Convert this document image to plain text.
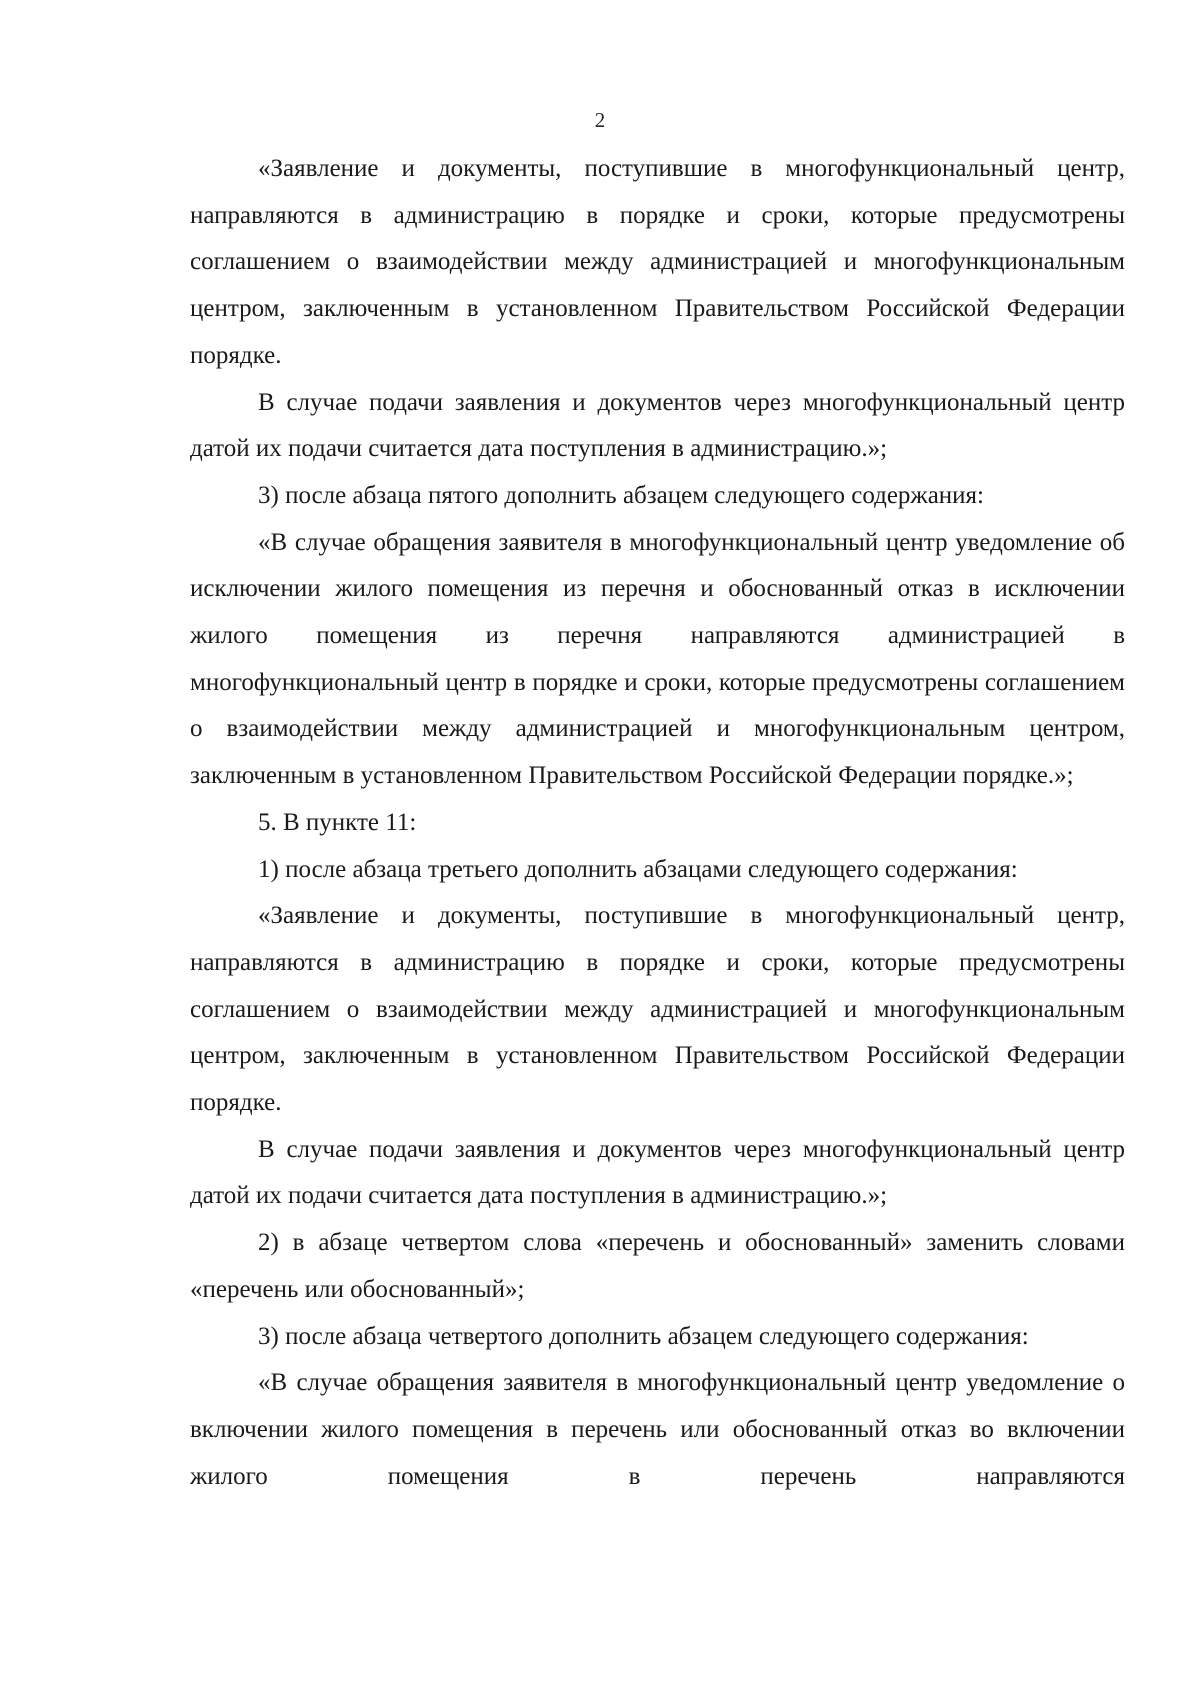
2

«Заявление и документы, поступившие в многофункциональный центр, направляются в администрацию в порядке и сроки, которые предусмотрены соглашением о взаимодействии между администрацией и многофункциональным центром, заключенным в установленном Правительством Российской Федерации порядке.

В случае подачи заявления и документов через многофункциональный центр датой их подачи считается дата поступления в администрацию.»;

3) после абзаца пятого дополнить абзацем следующего содержания:

«В случае обращения заявителя в многофункциональный центр уведомление об исключении жилого помещения из перечня и обоснованный отказ в исключении жилого помещения из перечня направляются администрацией в многофункциональный центр в порядке и сроки, которые предусмотрены соглашением о взаимодействии между администрацией и многофункциональным центром, заключенным в установленном Правительством Российской Федерации порядке.»;

5. В пункте 11:

1) после абзаца третьего дополнить абзацами следующего содержания:

«Заявление и документы, поступившие в многофункциональный центр, направляются в администрацию в порядке и сроки, которые предусмотрены соглашением о взаимодействии между администрацией и многофункциональным центром, заключенным в установленном Правительством Российской Федерации порядке.

В случае подачи заявления и документов через многофункциональный центр датой их подачи считается дата поступления в администрацию.»;

2) в абзаце четвертом слова «перечень и обоснованный» заменить словами «перечень или обоснованный»;

3) после абзаца четвертого дополнить абзацем следующего содержания:

«В случае обращения заявителя в многофункциональный центр уведомление о включении жилого помещения в перечень или обоснованный отказ во включении жилого помещения в перечень направляются
